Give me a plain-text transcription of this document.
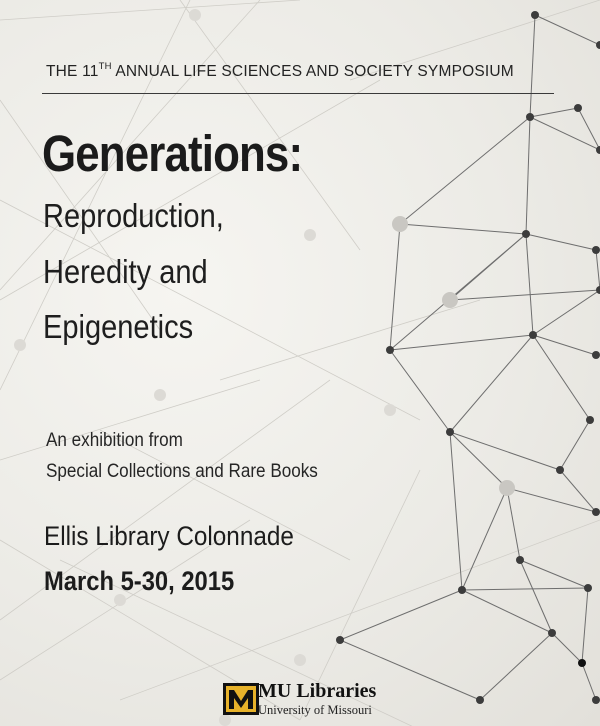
THE 11TH ANNUAL LIFE SCIENCES AND SOCIETY SYMPOSIUM
Generations:
Reproduction,
Heredity and
Epigenetics
An exhibition from
Special Collections and Rare Books
Ellis Library Colonnade
March 5-30, 2015
MU Libraries
University of Missouri
